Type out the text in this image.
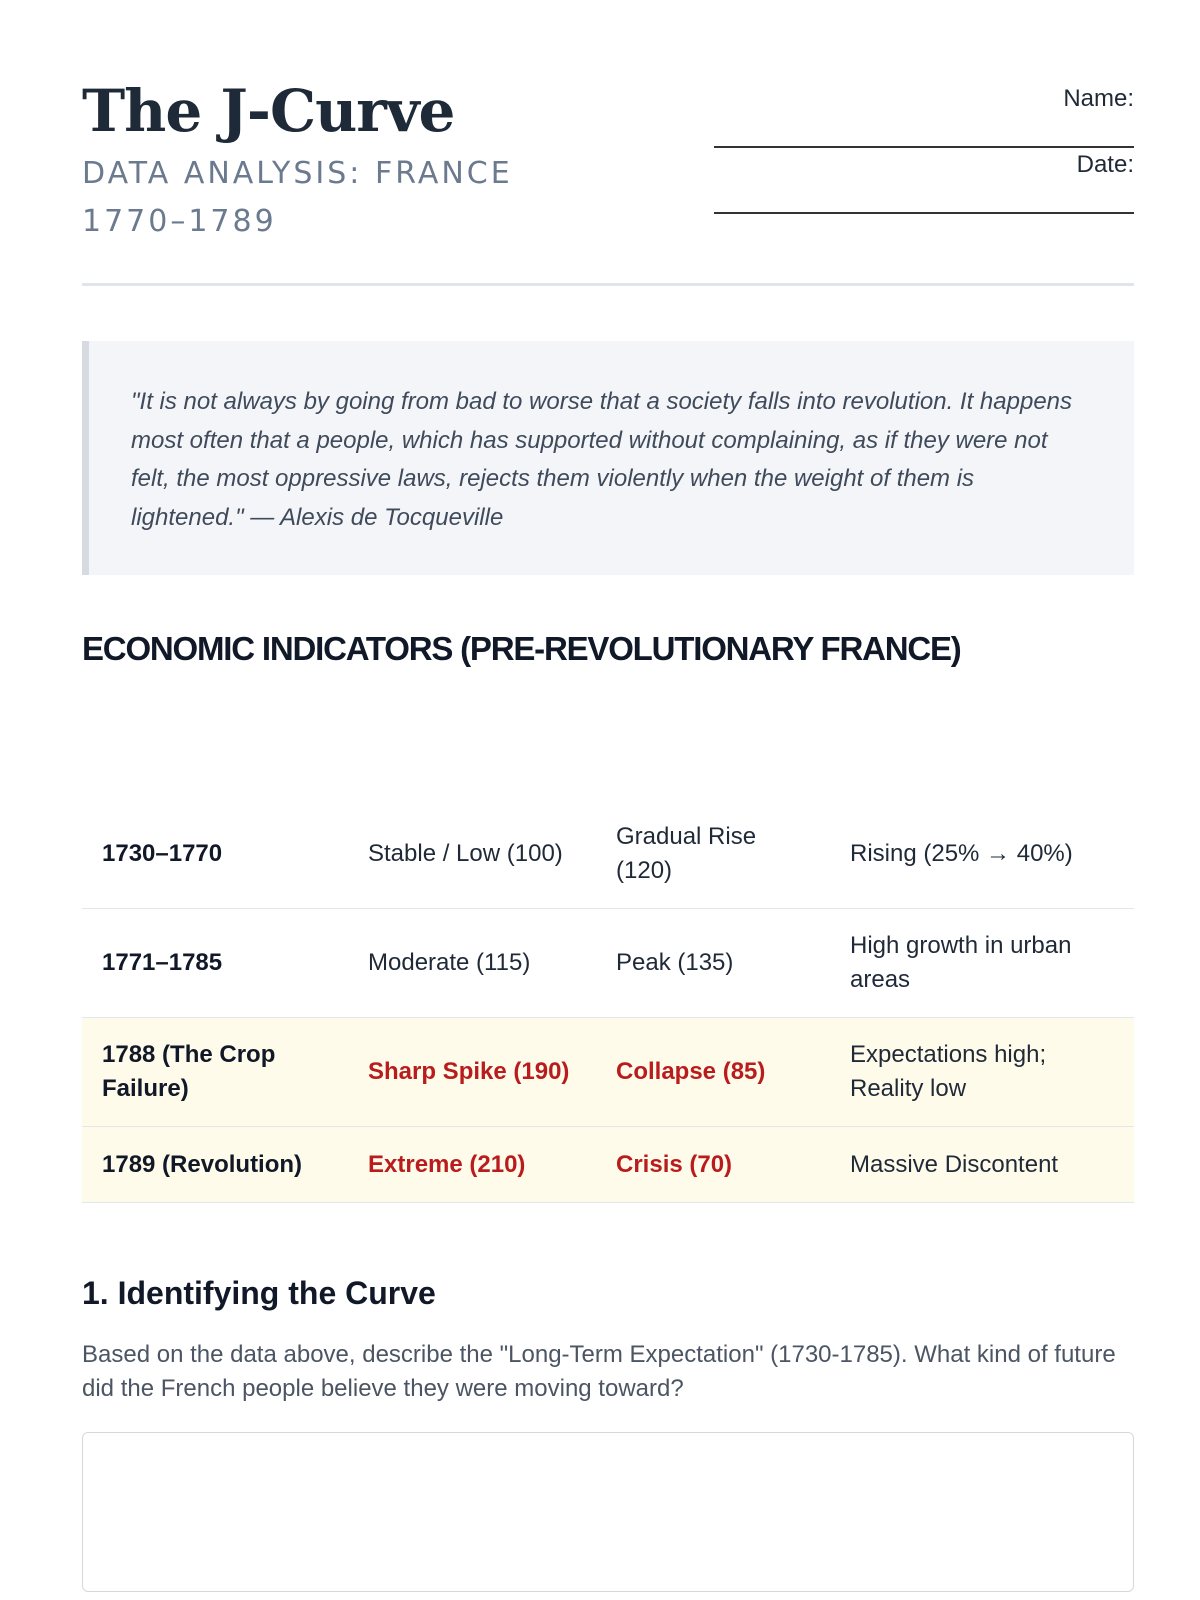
The J-Curve

DATA ANALYSIS: FRANCE 1770–1789

Name:
Date:
"It is not always by going from bad to worse that a society falls into revolution. It happens most often that a people, which has supported without complaining, as if they were not felt, the most oppressive laws, rejects them violently when the weight of them is lightened." — Alexis de Tocqueville
ECONOMIC INDICATORS (PRE-REVOLUTIONARY FRANCE)
1730–1770	Stable / Low (100)	Gradual Rise (120)	Rising (25% → 40%)
1771–1785	Moderate (115)	Peak (135)	High growth in urban areas
1788 (The Crop Failure)	Sharp Spike (190)	Collapse (85)	Expectations high; Reality low
1789 (Revolution)	Extreme (210)	Crisis (70)	Massive Discontent
1. Identifying the Curve

Based on the data above, describe the "Long-Term Expectation" (1730-1785). What kind of future did the French people believe they were moving toward?
